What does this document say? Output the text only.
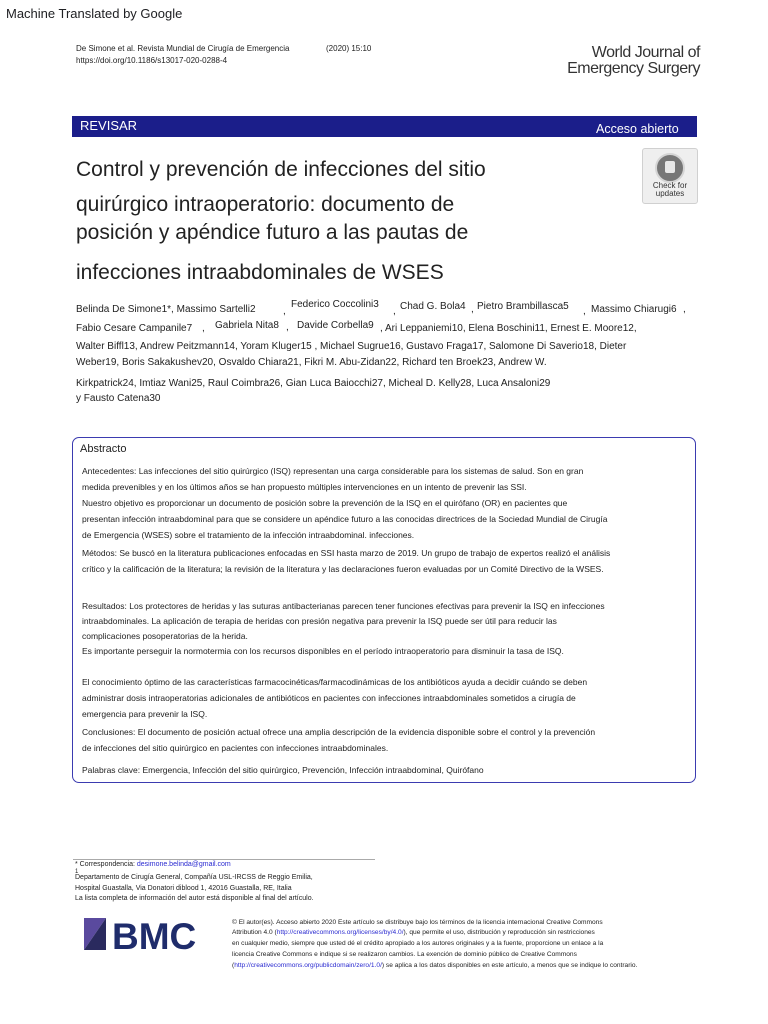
Machine Translated by Google
De Simone et al. Revista Mundial de Cirugía de Emergencia	(2020) 15:10
https://doi.org/10.1186/s13017-020-0288-4	World Journal of
Emergency Surgery
REVISAR	Acceso abierto
Control y prevención de infecciones del sitio
quirúrgico intraoperatorio: documento de
posición y apéndice futuro a las pautas de
infecciones intraabdominales de WSES
Check for
updates
Belinda De Simone1*, Massimo Sartelli2	,
Federico Coccolini3
, Chad G. Bola4 , Pietro Brambillasca5 , Massimo Chiarugi6 ,
Fabio Cesare Campanile7 , Gabriela Nita8 , Davide Corbella9 , Ari Leppaniemi10, Elena Boschini11, Ernest E. Moore12,
Walter Biffl13, Andrew Peitzmann14, Yoram Kluger15 , Michael Sugrue16, Gustavo Fraga17, Salomone Di Saverio18, Dieter
Weber19, Boris Sakakushev20, Osvaldo Chiara21, Fikri M. Abu-Zidan22, Richard ten Broek23, Andrew W.
Kirkpatrick24, Imtiaz Wani25, Raul Coimbra26, Gian Luca Baiocchi27, Micheal D. Kelly28, Luca Ansaloni29
y Fausto Catena30
Abstracto
Antecedentes: Las infecciones del sitio quirúrgico (ISQ) representan una carga considerable para los sistemas de salud. Son en gran
medida prevenibles y en los últimos años se han propuesto múltiples intervenciones en un intento de prevenir las SSI.
Nuestro objetivo es proporcionar un documento de posición sobre la prevención de la ISQ en el quirófano (OR) en pacientes que
presentan infección intraabdominal para que se considere un apéndice futuro a las conocidas directrices de la Sociedad Mundial de Cirugía
de Emergencia (WSES) sobre el tratamiento de la infección intraabdominal. infecciones.
Métodos: Se buscó en la literatura publicaciones enfocadas en SSI hasta marzo de 2019. Un grupo de trabajo de expertos realizó el análisis
crítico y la calificación de la literatura; la revisión de la literatura y las declaraciones fueron evaluadas por un Comité Directivo de la WSES.
Resultados: Los protectores de heridas y las suturas antibacterianas parecen tener funciones efectivas para prevenir la ISQ en infecciones
intraabdominales. La aplicación de terapia de heridas con presión negativa para prevenir la ISQ puede ser útil para reducir las
complicaciones posoperatorias de la herida.
Es importante perseguir la normotermia con los recursos disponibles en el período intraoperatorio para disminuir la tasa de ISQ.
El conocimiento óptimo de las características farmacocinéticas/farmacodinámicas de los antibióticos ayuda a decidir cuándo se deben
administrar dosis intraoperatorias adicionales de antibióticos en pacientes con infecciones intraabdominales sometidos a cirugía de
emergencia para prevenir la ISQ.
Conclusiones: El documento de posición actual ofrece una amplia descripción de la evidencia disponible sobre el control y la prevención
de infecciones del sitio quirúrgico en pacientes con infecciones intraabdominales.
Palabras clave: Emergencia, Infección del sitio quirúrgico, Prevención, Infección intraabdominal, Quirófano
* Correspondencia: desimone.belinda@gmail.com
1
Departamento de Cirugía General, Compañía USL-IRCSS de Reggio Emilia,
Hospital Guastalla, Via Donatori diblood 1, 42016 Guastalla, RE, Italia
La lista completa de información del autor está disponible al final del artículo.
BMC	© El autor(es). Acceso abierto 2020 Este artículo se distribuye bajo los términos de la licencia internacional Creative Commons
Attribution 4.0 (http://creativecommons.org/licenses/by/4.0/), que permite el uso, distribución y reproducción sin restricciones
en cualquier medio, siempre que usted dé el crédito apropiado a los autores originales y a la fuente, proporcione un enlace a la
licencia Creative Commons e indique si se realizaron cambios. La exención de dominio público de Creative Commons
(http://creativecommons.org/publicdomain/zero/1.0/) se aplica a los datos disponibles en este artículo, a menos que se indique lo contrario.
